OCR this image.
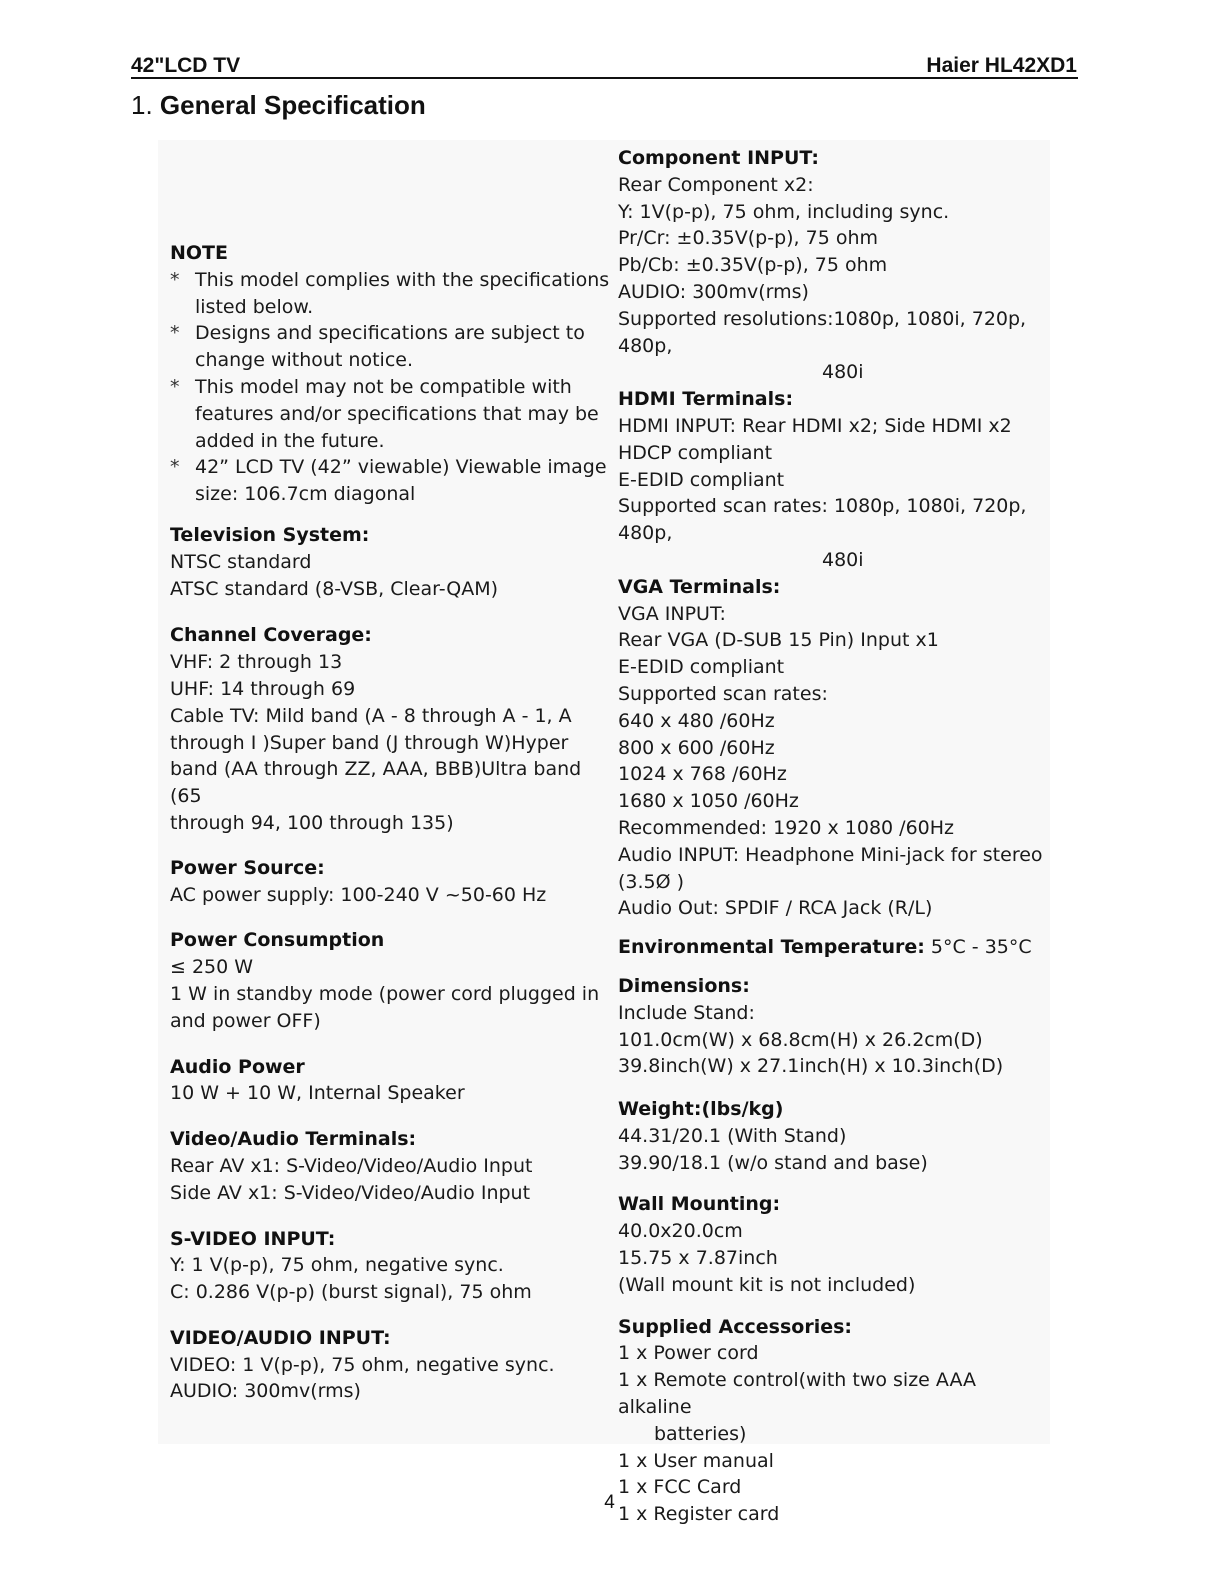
42"LCD TV	Haier HL42XD1
1. General Specification
NOTE
* This model complies with the specifications
listed below.
* Designs and specifications are subject to
change without notice.
* This model may not be compatible with
features and/or specifications that may be
added in the future.
* 42” LCD TV (42” viewable) Viewable image
size: 106.7cm diagonal
Television System:
NTSC standard
ATSC standard (8-VSB, Clear-QAM)
Channel Coverage:
VHF: 2 through 13
UHF: 14 through 69
Cable TV: Mild band (A - 8 through A - 1, A
through I )Super band (J through W)Hyper
band (AA through ZZ, AAA, BBB)Ultra band (65
through 94, 100 through 135)
Power Source:
AC power supply: 100-240 V ~50-60 Hz
Power Consumption
≤ 250 W
1 W in standby mode (power cord plugged in
and power OFF)
Audio Power
10 W + 10 W, Internal Speaker
Video/Audio Terminals:
Rear AV x1: S-Video/Video/Audio Input
Side AV x1: S-Video/Video/Audio Input
S-VIDEO INPUT:
Y: 1 V(p-p), 75 ohm, negative sync.
C: 0.286 V(p-p) (burst signal), 75 ohm
VIDEO/AUDIO INPUT:
VIDEO: 1 V(p-p), 75 ohm, negative sync.
AUDIO: 300mv(rms)
Component INPUT:
Rear Component x2:
Y: 1V(p-p), 75 ohm, including sync.
Pr/Cr: ±0.35V(p-p), 75 ohm
Pb/Cb: ±0.35V(p-p), 75 ohm
AUDIO: 300mv(rms)
Supported resolutions:1080p, 1080i, 720p, 480p,
480i
HDMI Terminals:
HDMI INPUT: Rear HDMI x2; Side HDMI x2
HDCP compliant
E-EDID compliant
Supported scan rates: 1080p, 1080i, 720p, 480p,
480i
VGA Terminals:
VGA INPUT:
Rear VGA (D-SUB 15 Pin) Input x1
E-EDID compliant
Supported scan rates:
640 x 480 /60Hz
800 x 600 /60Hz
1024 x 768 /60Hz
1680 x 1050 /60Hz
Recommended: 1920 x 1080 /60Hz
Audio INPUT: Headphone Mini-jack for stereo
(3.5Ø )
Audio Out: SPDIF / RCA Jack (R/L)
Environmental Temperature: 5°C - 35°C
Dimensions:
Include Stand:
101.0cm(W) x 68.8cm(H) x 26.2cm(D)
39.8inch(W) x 27.1inch(H) x 10.3inch(D)
Weight:(lbs/kg)
44.31/20.1 (With Stand)
39.90/18.1 (w/o stand and base)
Wall Mounting:
40.0x20.0cm
15.75 x 7.87inch
(Wall mount kit is not included)
Supplied Accessories:
1 x Power cord
1 x Remote control(with two size AAA alkaline
batteries)
1 x User manual
1 x FCC Card
1 x Register card
4
